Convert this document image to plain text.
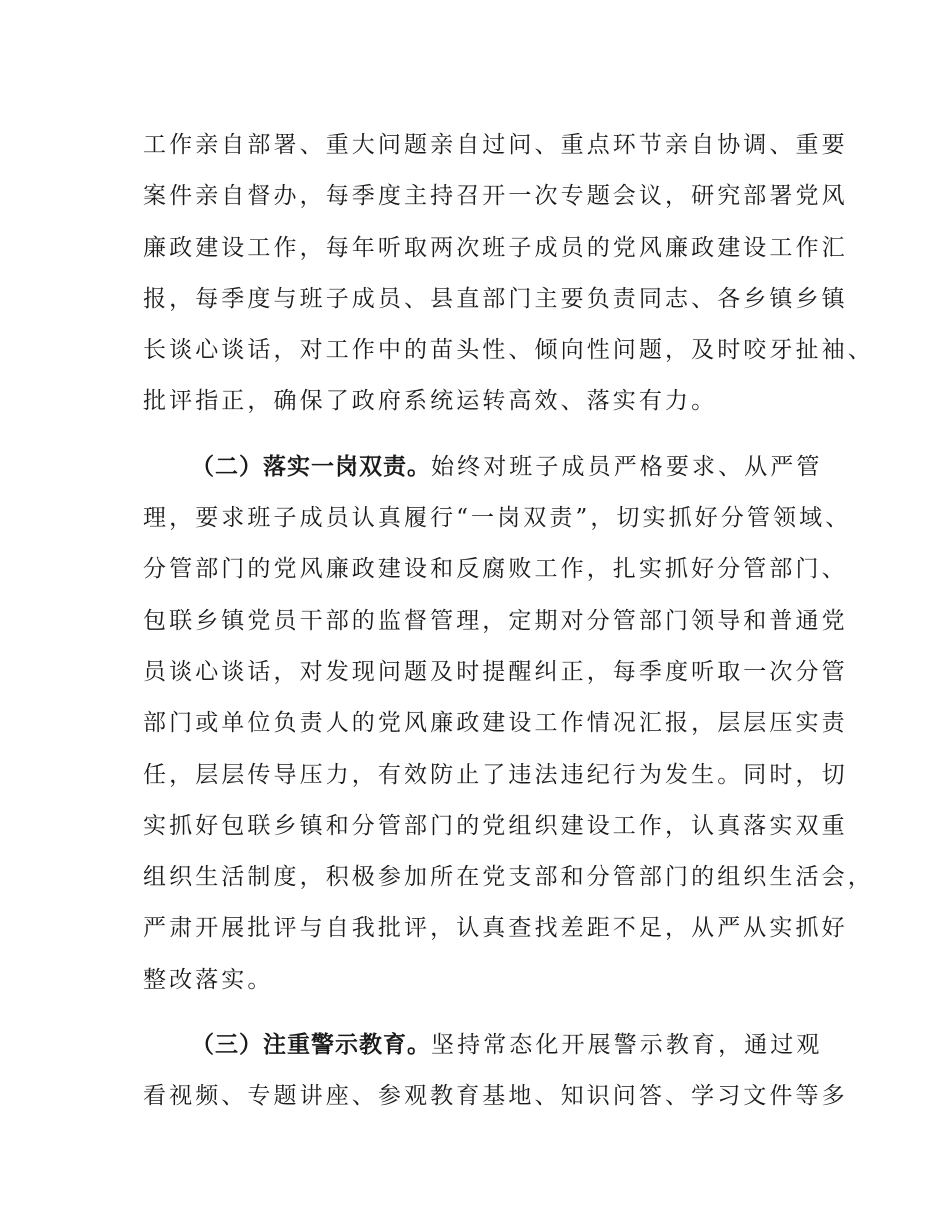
工作亲自部署、重大问题亲自过问、重点环节亲自协调、重要
案件亲自督办，每季度主持召开一次专题会议，研究部署党风
廉政建设工作，每年听取两次班子成员的党风廉政建设工作汇
报，每季度与班子成员、县直部门主要负责同志、各乡镇乡镇
长谈心谈话，对工作中的苗头性、倾向性问题，及时咬牙扯袖、
批评指正，确保了政府系统运转高效、落实有力。
（二）落实一岗双责。始终对班子成员严格要求、从严管
理，要求班子成员认真履行“一岗双责”，切实抓好分管领域、
分管部门的党风廉政建设和反腐败工作，扎实抓好分管部门、
包联乡镇党员干部的监督管理，定期对分管部门领导和普通党
员谈心谈话，对发现问题及时提醒纠正，每季度听取一次分管
部门或单位负责人的党风廉政建设工作情况汇报，层层压实责
任，层层传导压力，有效防止了违法违纪行为发生。同时，切
实抓好包联乡镇和分管部门的党组织建设工作，认真落实双重
组织生活制度，积极参加所在党支部和分管部门的组织生活会，
严肃开展批评与自我批评，认真查找差距不足，从严从实抓好
整改落实。
（三）注重警示教育。坚持常态化开展警示教育，通过观
看视频、专题讲座、参观教育基地、知识问答、学习文件等多
